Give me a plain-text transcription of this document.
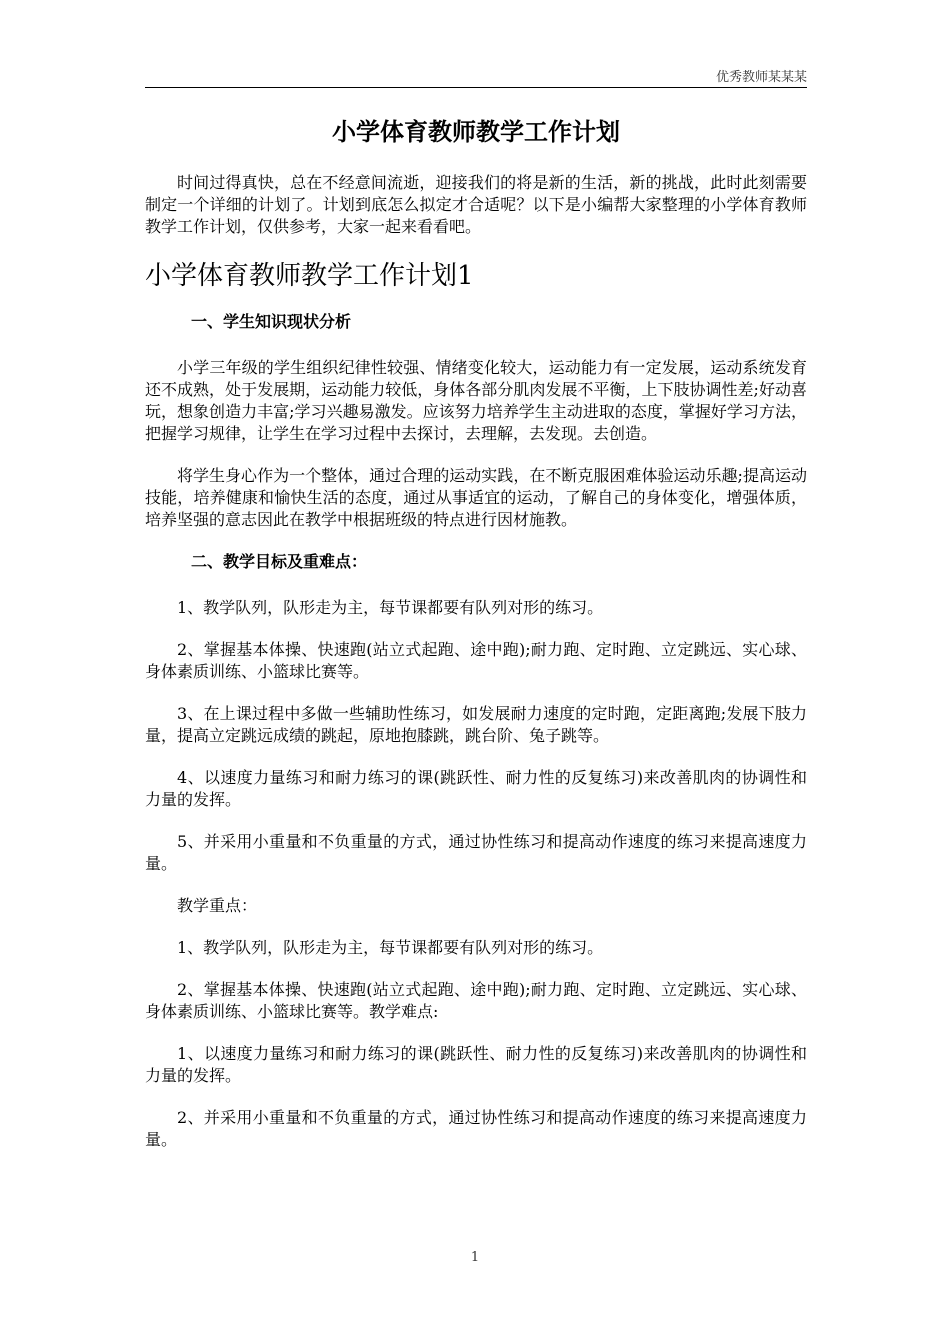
优秀教师某某某
小学体育教师教学工作计划

时间过得真快，总在不经意间流逝，迎接我们的将是新的生活，新的挑战，此时此刻需要制定一个详细的计划了。计划到底怎么拟定才合适呢？以下是小编帮大家整理的小学体育教师教学工作计划，仅供参考，大家一起来看看吧。

小学体育教师教学工作计划1
一、学生知识现状分析

小学三年级的学生组织纪律性较强、情绪变化较大，运动能力有一定发展，运动系统发育还不成熟，处于发展期，运动能力较低，身体各部分肌肉发展不平衡，上下肢协调性差;好动喜玩，想象创造力丰富;学习兴趣易激发。应该努力培养学生主动进取的态度，掌握好学习方法，把握学习规律，让学生在学习过程中去探讨，去理解，去发现。去创造。

将学生身心作为一个整体，通过合理的运动实践，在不断克服困难体验运动乐趣;提高运动技能，培养健康和愉快生活的态度，通过从事适宜的运动，了解自己的身体变化，增强体质，培养坚强的意志因此在教学中根据班级的特点进行因材施教。

二、教学目标及重难点：

1、教学队列，队形走为主，每节课都要有队列对形的练习。

2、掌握基本体操、快速跑(站立式起跑、途中跑);耐力跑、定时跑、立定跳远、实心球、身体素质训练、小篮球比赛等。

3、在上课过程中多做一些辅助性练习，如发展耐力速度的定时跑，定距离跑;发展下肢力量，提高立定跳远成绩的跳起，原地抱膝跳，跳台阶、兔子跳等。

4、以速度力量练习和耐力练习的课(跳跃性、耐力性的反复练习)来改善肌肉的协调性和力量的发挥。

5、并采用小重量和不负重量的方式，通过协性练习和提高动作速度的练习来提高速度力量。

教学重点：

1、教学队列，队形走为主，每节课都要有队列对形的练习。

2、掌握基本体操、快速跑(站立式起跑、途中跑);耐力跑、定时跑、立定跳远、实心球、身体素质训练、小篮球比赛等。教学难点:

1、以速度力量练习和耐力练习的课(跳跃性、耐力性的反复练习)来改善肌肉的协调性和力量的发挥。

2、并采用小重量和不负重量的方式，通过协性练习和提高动作速度的练习来提高速度力量。

1
